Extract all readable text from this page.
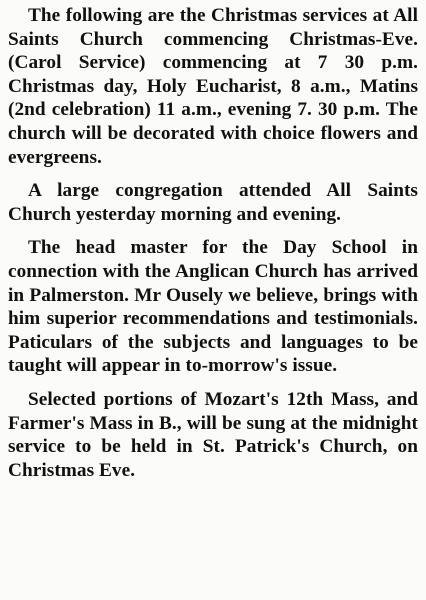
The following are the Christmas services at All Saints Church commencing Christmas-Eve. (Carol Service) commencing at 7 30 p.m. Christmas day, Holy Eucharist, 8 a.m., Matins (2nd celebration) 11 a.m., evening 7. 30 p.m. The church will be decorated with choice flowers and evergreens.

A large congregation attended All Saints Church yesterday morning and evening.

The head master for the Day School in connection with the Anglican Church has arrived in Palmerston. Mr Ousely we believe, brings with him superior recommendations and testimonials. Paticulars of the subjects and languages to be taught will appear in to-morrow's issue.

Selected portions of Mozart's 12th Mass, and Farmer's Mass in B., will be sung at the midnight service to be held in St. Patrick's Church, on Christmas Eve.
